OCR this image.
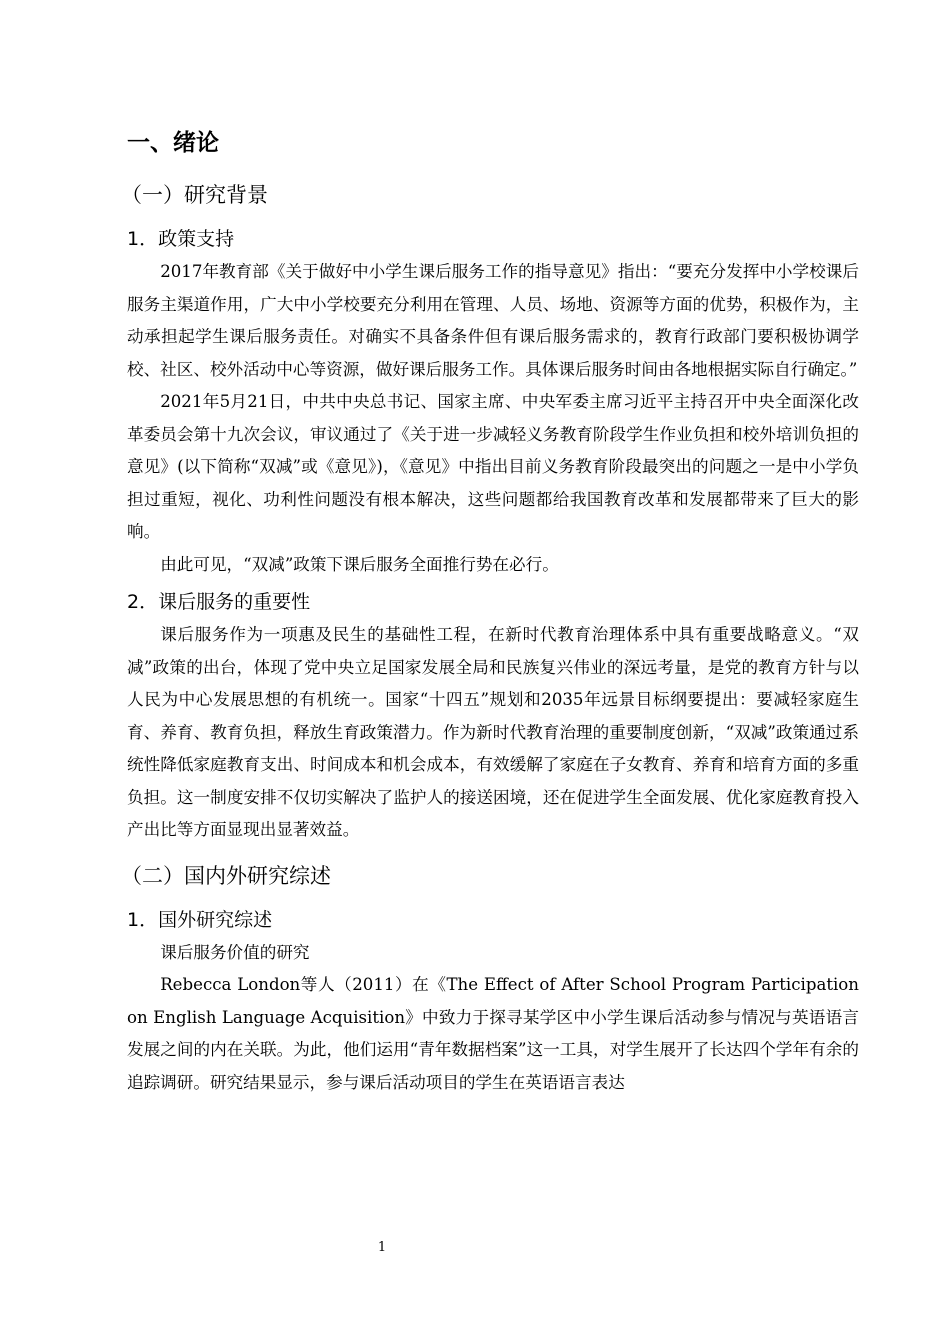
一、绪论
（一）研究背景
1．政策支持

2017年教育部《关于做好中小学生课后服务工作的指导意见》指出：“要充分发挥中小学校课后服务主渠道作用，广大中小学校要充分利用在管理、人员、场地、资源等方面的优势，积极作为，主动承担起学生课后服务责任。对确实不具备条件但有课后服务需求的，教育行政部门要积极协调学校、社区、校外活动中心等资源，做好课后服务工作。具体课后服务时间由各地根据实际自行确定。”

2021年5月21日，中共中央总书记、国家主席、中央军委主席习近平主持召开中央全面深化改革委员会第十九次会议，审议通过了《关于进一步减轻义务教育阶段学生作业负担和校外培训负担的意见》(以下简称“双减”或《意见》)，《意见》中指出目前义务教育阶段最突出的问题之一是中小学负担过重短，视化、功利性问题没有根本解决，这些问题都给我国教育改革和发展都带来了巨大的影响。

由此可见，“双减”政策下课后服务全面推行势在必行。

2．课后服务的重要性

课后服务作为一项惠及民生的基础性工程，在新时代教育治理体系中具有重要战略意义。“双减”政策的出台，体现了党中央立足国家发展全局和民族复兴伟业的深远考量，是党的教育方针与以人民为中心发展思想的有机统一。国家“十四五”规划和2035年远景目标纲要提出：要减轻家庭生育、养育、教育负担，释放生育政策潜力。作为新时代教育治理的重要制度创新，“双减”政策通过系统性降低家庭教育支出、时间成本和机会成本，有效缓解了家庭在子女教育、养育和培育方面的多重负担。这一制度安排不仅切实解决了监护人的接送困境，还在促进学生全面发展、优化家庭教育投入产出比等方面显现出显著效益。

（二）国内外研究综述
1．国外研究综述

课后服务价值的研究

Rebecca London等人（2011）在《The Effect of After School Program Participation on English Language Acquisition》中致力于探寻某学区中小学生课后活动参与情况与英语语言发展之间的内在关联。为此，他们运用“青年数据档案”这一工具，对学生展开了长达四个学年有余的追踪调研。研究结果显示，参与课后活动项目的学生在英语语言表达

1
